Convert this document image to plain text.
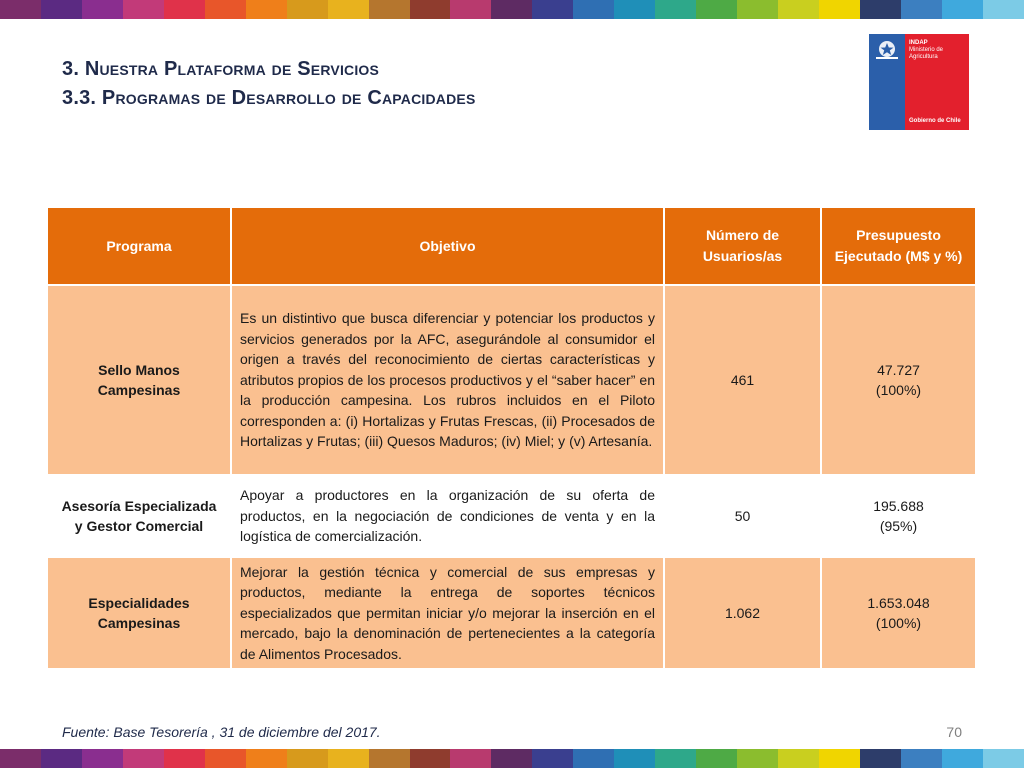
3. Nuestra Plataforma de Servicios
3.3. Programas de Desarrollo de Capacidades
INDAP
Ministerio de Agricultura
Gobierno de Chile
Programa	Objetivo	Número de Usuarios/as	Presupuesto Ejecutado (M$ y %)
Sello Manos Campesinas	Es un distintivo que busca diferenciar y potenciar los productos y servicios generados por la AFC, asegurándole al consumidor el origen a través del reconocimiento de ciertas características y atributos propios de los procesos productivos y el “saber hacer” en la producción campesina. Los rubros incluidos en el Piloto corresponden a: (i) Hortalizas y Frutas Frescas, (ii) Procesados de Hortalizas y Frutas; (iii) Quesos Maduros; (iv) Miel; y (v) Artesanía.	461	47.727
(100%)

Asesoría Especializada y Gestor Comercial	Apoyar a productores en la organización de su oferta de productos, en la negociación de condiciones de venta y en la logística de comercialización.	50	195.688
(95%)

Especialidades Campesinas	Mejorar la gestión técnica y comercial de sus empresas y productos, mediante la entrega de soportes técnicos especializados que permitan iniciar y/o mejorar la inserción en el mercado, bajo la denominación de pertenecientes a la categoría de Alimentos Procesados.	1.062	1.653.048
(100%)
Fuente: Base Tesorería , 31 de diciembre del 2017.	70
